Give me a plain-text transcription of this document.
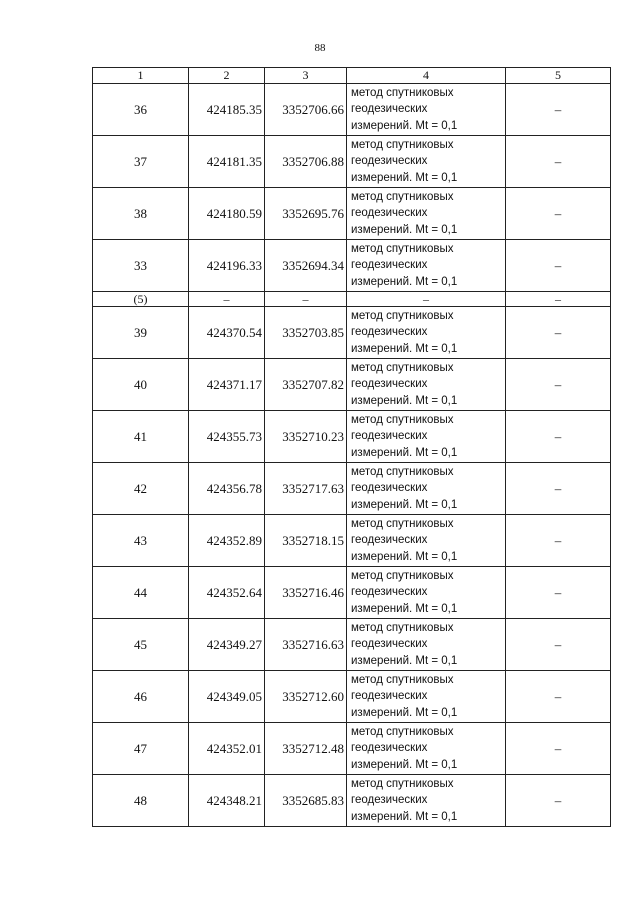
88
1	2	3	4	5
36	424185.35	3352706.66	метод спутниковых
геодезических
измерений. Mt = 0,1	–
37	424181.35	3352706.88	метод спутниковых
геодезических
измерений. Mt = 0,1	–
38	424180.59	3352695.76	метод спутниковых
геодезических
измерений. Mt = 0,1	–
33	424196.33	3352694.34	метод спутниковых
геодезических
измерений. Mt = 0,1	–
(5)	–	–	–	–
39	424370.54	3352703.85	метод спутниковых
геодезических
измерений. Mt = 0,1	–
40	424371.17	3352707.82	метод спутниковых
геодезических
измерений. Mt = 0,1	–
41	424355.73	3352710.23	метод спутниковых
геодезических
измерений. Mt = 0,1	–
42	424356.78	3352717.63	метод спутниковых
геодезических
измерений. Mt = 0,1	–
43	424352.89	3352718.15	метод спутниковых
геодезических
измерений. Mt = 0,1	–
44	424352.64	3352716.46	метод спутниковых
геодезических
измерений. Mt = 0,1	–
45	424349.27	3352716.63	метод спутниковых
геодезических
измерений. Mt = 0,1	–
46	424349.05	3352712.60	метод спутниковых
геодезических
измерений. Mt = 0,1	–
47	424352.01	3352712.48	метод спутниковых
геодезических
измерений. Mt = 0,1	–
48	424348.21	3352685.83	метод спутниковых
геодезических
измерений. Mt = 0,1	–
